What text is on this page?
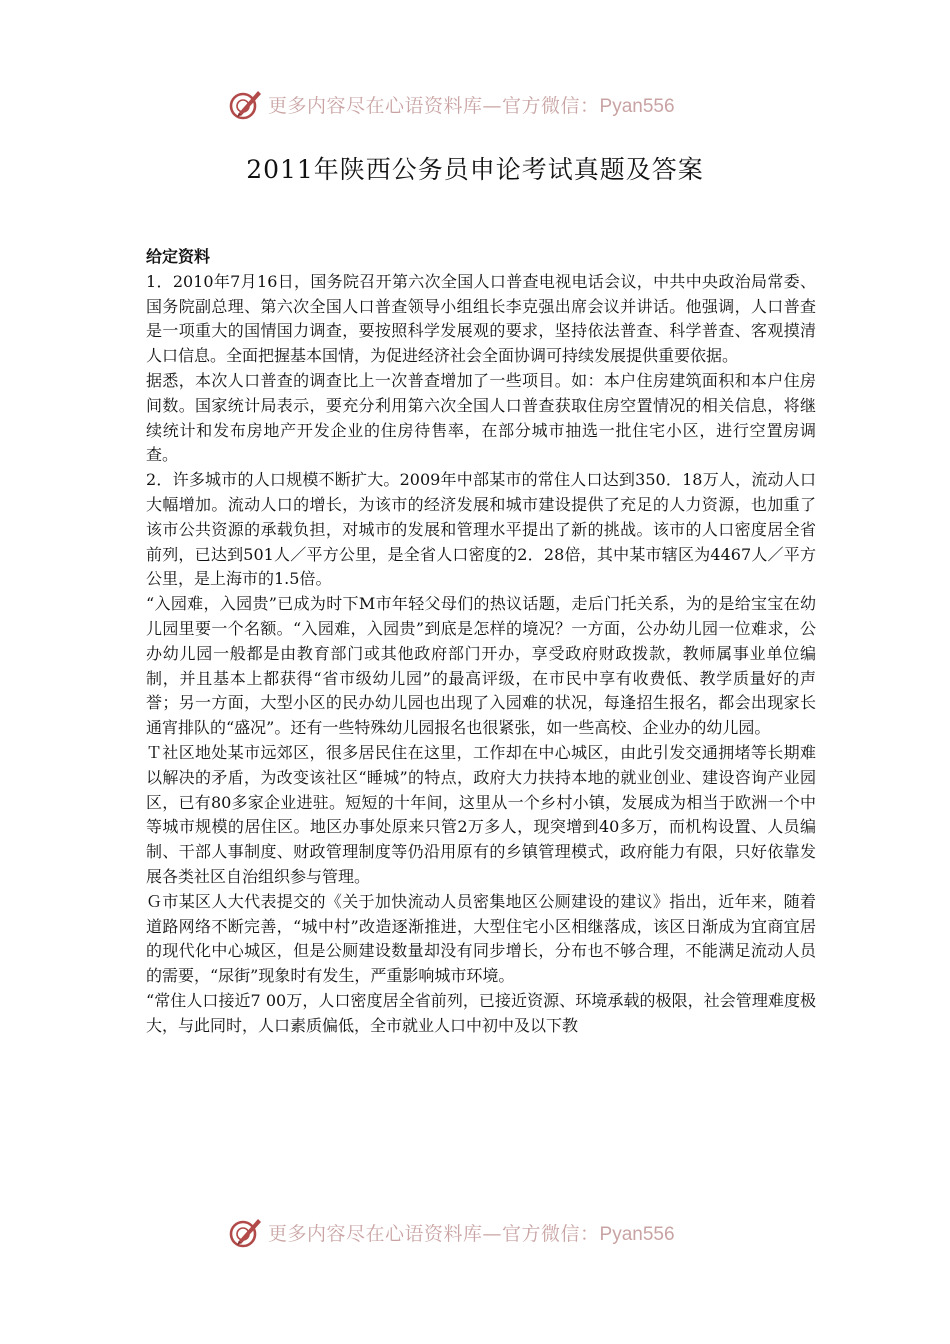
更多内容尽在心语资料库—官方微信：Pyan556
2011年陕西公务员申论考试真题及答案

给定资料

1．2010年7月16日，国务院召开第六次全国人口普查电视电话会议，中共中央政治局常委、国务院副总理、第六次全国人口普查领导小组组长李克强出席会议并讲话。他强调，人口普查是一项重大的国情国力调查，要按照科学发展观的要求，坚持依法普查、科学普查、客观摸清人口信息。全面把握基本国情，为促进经济社会全面协调可持续发展提供重要依据。

据悉，本次人口普查的调查比上一次普查增加了一些项目。如：本户住房建筑面积和本户住房间数。国家统计局表示，要充分利用第六次全国人口普查获取住房空置情况的相关信息，将继续统计和发布房地产开发企业的住房待售率，在部分城市抽选一批住宅小区，进行空置房调查。

2．许多城市的人口规模不断扩大。2009年中部某市的常住人口达到350．18万人，流动人口大幅增加。流动人口的增长，为该市的经济发展和城市建设提供了充足的人力资源，也加重了该市公共资源的承载负担，对城市的发展和管理水平提出了新的挑战。该市的人口密度居全省前列，已达到501人／平方公里，是全省人口密度的2．28倍，其中某市辖区为4467人／平方公里，是上海市的1.5倍。

“入园难，入园贵”已成为时下M市年轻父母们的热议话题，走后门托关系，为的是给宝宝在幼儿园里要一个名额。“入园难，入园贵”到底是怎样的境况？一方面，公办幼儿园一位难求，公办幼儿园一般都是由教育部门或其他政府部门开办，享受政府财政拨款，教师属事业单位编制，并且基本上都获得“省市级幼儿园”的最高评级，在市民中享有收费低、教学质量好的声誉；另一方面，大型小区的民办幼儿园也出现了入园难的状况，每逢招生报名，都会出现家长通宵排队的“盛况”。还有一些特殊幼儿园报名也很紧张，如一些高校、企业办的幼儿园。

Ｔ社区地处某市远郊区，很多居民住在这里，工作却在中心城区，由此引发交通拥堵等长期难以解决的矛盾，为改变该社区“睡城”的特点，政府大力扶持本地的就业创业、建设咨询产业园区，已有80多家企业进驻。短短的十年间，这里从一个乡村小镇，发展成为相当于欧洲一个中等城市规模的居住区。地区办事处原来只管2万多人，现突增到40多万，而机构设置、人员编制、干部人事制度、财政管理制度等仍沿用原有的乡镇管理模式，政府能力有限，只好依靠发展各类社区自治组织参与管理。

Ｇ市某区人大代表提交的《关于加快流动人员密集地区公厕建设的建议》指出，近年来，随着道路网络不断完善，“城中村”改造逐渐推进，大型住宅小区相继落成，该区日渐成为宜商宜居的现代化中心城区，但是公厕建设数量却没有同步增长，分布也不够合理，不能满足流动人员的需要，“尿街”现象时有发生，严重影响城市环境。

“常住人口接近7 00万，人口密度居全省前列，已接近资源、环境承载的极限，社会管理难度极大，与此同时，人口素质偏低，全市就业人口中初中及以下教

更多内容尽在心语资料库—官方微信：Pyan556
